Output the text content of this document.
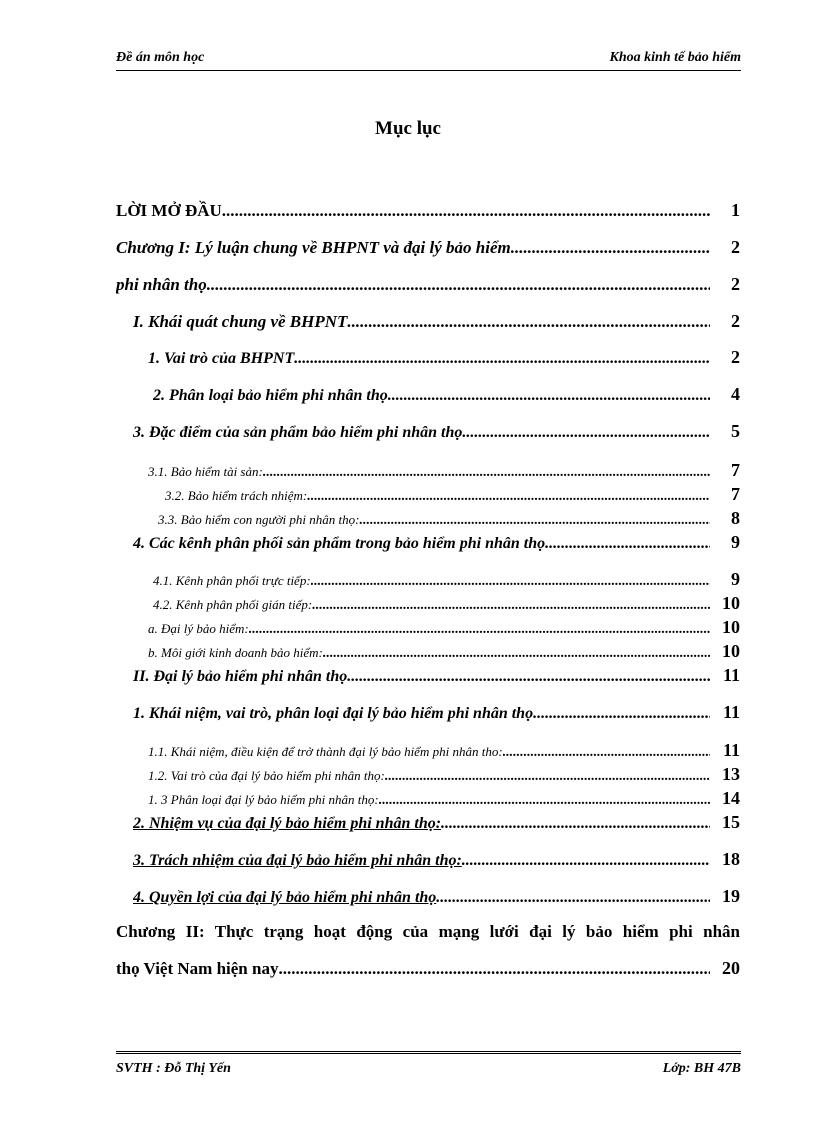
Đề án môn học	Khoa kinh tế bảo hiểm
Mục lục
LỜI MỞ ĐẦU .....	1
Chương I: Lý luận chung về BHPNT và đại lý bảo hiểm .....	2
phi nhân thọ .....	2
I. Khái quát chung về BHPNT .....	2
1. Vai trò của BHPNT .....	2
2. Phân loại bảo hiểm phi nhân thọ .....	4
3. Đặc điểm của sản phẩm bảo hiểm phi nhân thọ .....	5
3.1. Bảo hiểm tài sản: .....	7
3.2. Bảo hiểm trách nhiệm: .....	7
3.3. Bảo hiểm con người phi nhân thọ: .....	8
4. Các kênh phân phối sản phẩm trong bảo hiểm phi nhân thọ. .....	9
4.1. Kênh phân phối trực tiếp: .....	9
4.2. Kênh phân phối gián tiếp: .....	10
a. Đại lý bảo hiểm: .....	10
b. Môi giới kinh doanh bảo hiểm: .....	10
II. Đại lý bảo hiểm phi nhân thọ. .....	11
1. Khái niệm, vai trò, phân loại đại lý bảo hiểm phi nhân thọ. .....	11
1.1. Khái niệm, điều kiện để trở thành đại lý bảo hiểm phi nhân tho: .....	11
1.2. Vai trò của đại lý bảo hiểm phi nhân thọ: .....	13
1. 3 Phân loại đại lý bảo hiểm phi nhân thọ: .....	14
2. Nhiệm vụ của đại lý bảo hiểm phi nhân thọ: .....	15
3. Trách nhiệm của đại lý bảo hiểm phi nhân thọ: .....	18
4. Quyền lợi của đại lý bảo hiểm phi nhân thọ .....	19
Chương II: Thực trạng hoạt động của mạng lưới đại lý bảo hiểm phi nhân
thọ Việt Nam hiện nay .....	20
SVTH : Đỗ Thị Yến	Lớp: BH 47B
